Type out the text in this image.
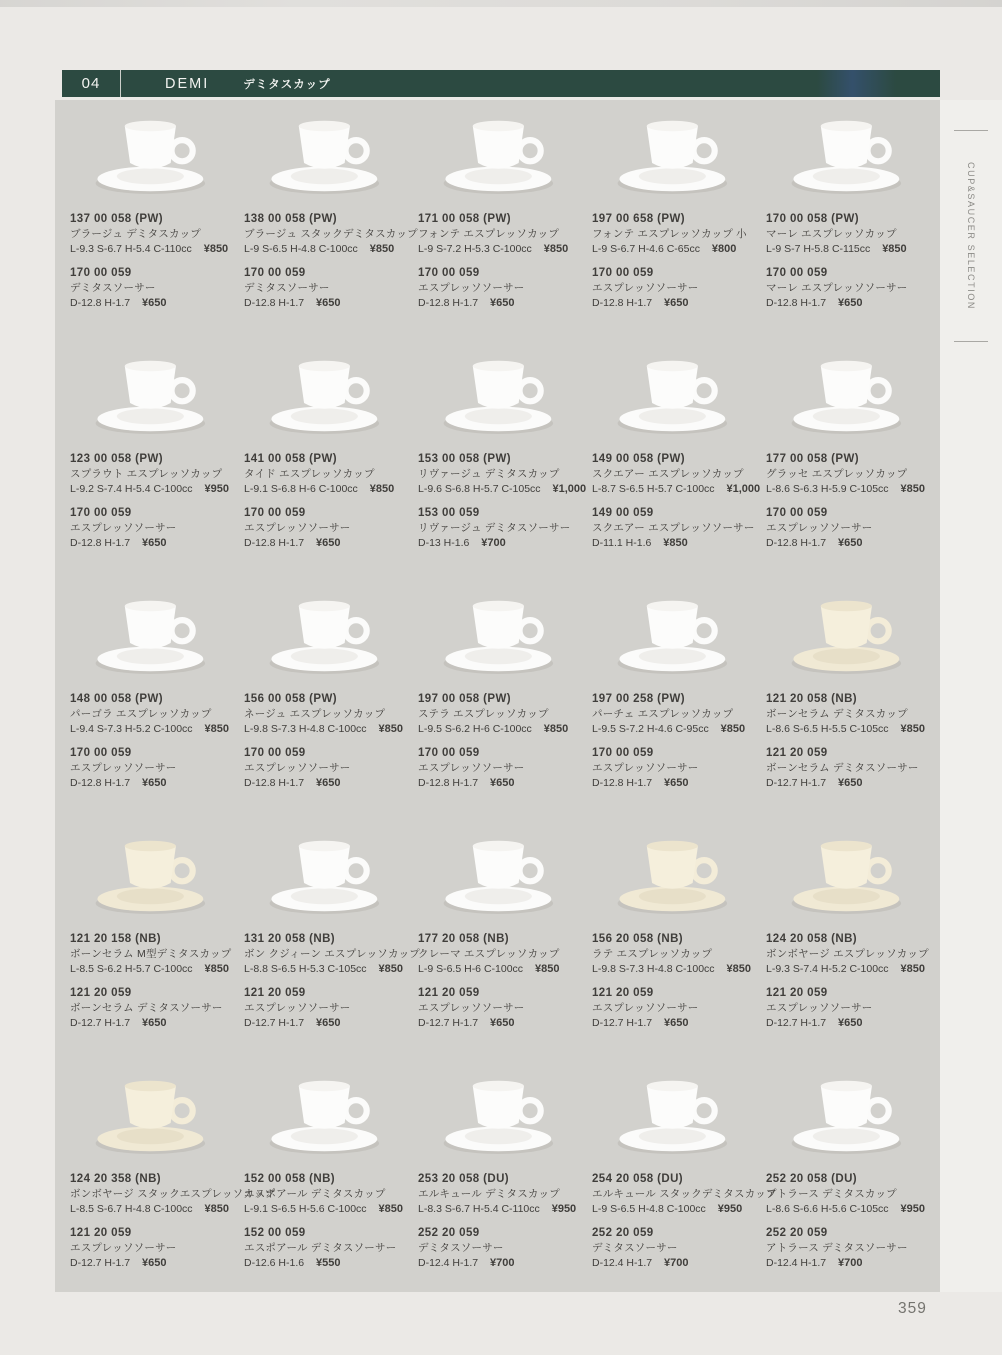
04	DEMI	デミタスカップ
CUP&SAUCER SELECTION
137 00 058 (PW)
ブラージュ デミタスカップ
L-9.3 S-6.7 H-5.4 C-110cc ¥850
170 00 059
デミタスソーサー
D-12.8 H-1.7 ¥650
138 00 058 (PW)
ブラージュ スタックデミタスカップ
L-9 S-6.5 H-4.8 C-100cc ¥850
170 00 059
デミタスソーサー
D-12.8 H-1.7 ¥650
171 00 058 (PW)
フォンテ エスプレッソカップ
L-9 S-7.2 H-5.3 C-100cc ¥850
170 00 059
エスプレッソソーサー
D-12.8 H-1.7 ¥650
197 00 658 (PW)
フォンテ エスプレッソカップ 小
L-9 S-6.7 H-4.6 C-65cc ¥800
170 00 059
エスプレッソソーサー
D-12.8 H-1.7 ¥650
170 00 058 (PW)
マーレ エスプレッソカップ
L-9 S-7 H-5.8 C-115cc ¥850
170 00 059
マーレ エスプレッソソーサー
D-12.8 H-1.7 ¥650
123 00 058 (PW)
スプラウト エスプレッソカップ
L-9.2 S-7.4 H-5.4 C-100cc ¥950
170 00 059
エスプレッソソーサー
D-12.8 H-1.7 ¥650
141 00 058 (PW)
タイド エスプレッソカップ
L-9.1 S-6.8 H-6 C-100cc ¥850
170 00 059
エスプレッソソーサー
D-12.8 H-1.7 ¥650
153 00 058 (PW)
リヴァージュ デミタスカップ
L-9.6 S-6.8 H-5.7 C-105cc ¥1,000
153 00 059
リヴァージュ デミタスソーサー
D-13 H-1.6 ¥700
149 00 058 (PW)
スクエアー エスプレッソカップ
L-8.7 S-6.5 H-5.7 C-100cc ¥1,000
149 00 059
スクエアー エスプレッソソーサー
D-11.1 H-1.6 ¥850
177 00 058 (PW)
グラッセ エスプレッソカップ
L-8.6 S-6.3 H-5.9 C-105cc ¥850
170 00 059
エスプレッソソーサー
D-12.8 H-1.7 ¥650
148 00 058 (PW)
パーゴラ エスプレッソカップ
L-9.4 S-7.3 H-5.2 C-100cc ¥850
170 00 059
エスプレッソソーサー
D-12.8 H-1.7 ¥650
156 00 058 (PW)
ネージュ エスプレッソカップ
L-9.8 S-7.3 H-4.8 C-100cc ¥850
170 00 059
エスプレッソソーサー
D-12.8 H-1.7 ¥650
197 00 058 (PW)
ステラ エスプレッソカップ
L-9.5 S-6.2 H-6 C-100cc ¥850
170 00 059
エスプレッソソーサー
D-12.8 H-1.7 ¥650
197 00 258 (PW)
パーチェ エスプレッソカップ
L-9.5 S-7.2 H-4.6 C-95cc ¥850
170 00 059
エスプレッソソーサー
D-12.8 H-1.7 ¥650
121 20 058 (NB)
ボーンセラム デミタスカップ
L-8.6 S-6.5 H-5.5 C-105cc ¥850
121 20 059
ボーンセラム デミタスソーサー
D-12.7 H-1.7 ¥650
121 20 158 (NB)
ボーンセラム M型デミタスカップ
L-8.5 S-6.2 H-5.7 C-100cc ¥850
121 20 059
ボーンセラム デミタスソーサー
D-12.7 H-1.7 ¥650
131 20 058 (NB)
ボン クジィーン エスプレッソカップ
L-8.8 S-6.5 H-5.3 C-105cc ¥850
121 20 059
エスプレッソソーサー
D-12.7 H-1.7 ¥650
177 20 058 (NB)
クレーマ エスプレッソカップ
L-9 S-6.5 H-6 C-100cc ¥850
121 20 059
エスプレッソソーサー
D-12.7 H-1.7 ¥650
156 20 058 (NB)
ラテ エスプレッソカップ
L-9.8 S-7.3 H-4.8 C-100cc ¥850
121 20 059
エスプレッソソーサー
D-12.7 H-1.7 ¥650
124 20 058 (NB)
ボンボヤージ エスプレッソカップ
L-9.3 S-7.4 H-5.2 C-100cc ¥850
121 20 059
エスプレッソソーサー
D-12.7 H-1.7 ¥650
124 20 358 (NB)
ボンボヤージ スタックエスプレッソカップ
L-8.5 S-6.7 H-4.8 C-100cc ¥850
121 20 059
エスプレッソソーサー
D-12.7 H-1.7 ¥650
152 00 058 (NB)
エスポアール デミタスカップ
L-9.1 S-6.5 H-5.6 C-100cc ¥850
152 00 059
エスポアール デミタスソーサー
D-12.6 H-1.6 ¥550
253 20 058 (DU)
エルキュール デミタスカップ
L-8.3 S-6.7 H-5.4 C-110cc ¥950
252 20 059
デミタスソーサー
D-12.4 H-1.7 ¥700
254 20 058 (DU)
エルキュール スタックデミタスカップ
L-9 S-6.5 H-4.8 C-100cc ¥950
252 20 059
デミタスソーサー
D-12.4 H-1.7 ¥700
252 20 058 (DU)
アトラース デミタスカップ
L-8.6 S-6.6 H-5.6 C-105cc ¥950
252 20 059
アトラース デミタスソーサー
D-12.4 H-1.7 ¥700
359
